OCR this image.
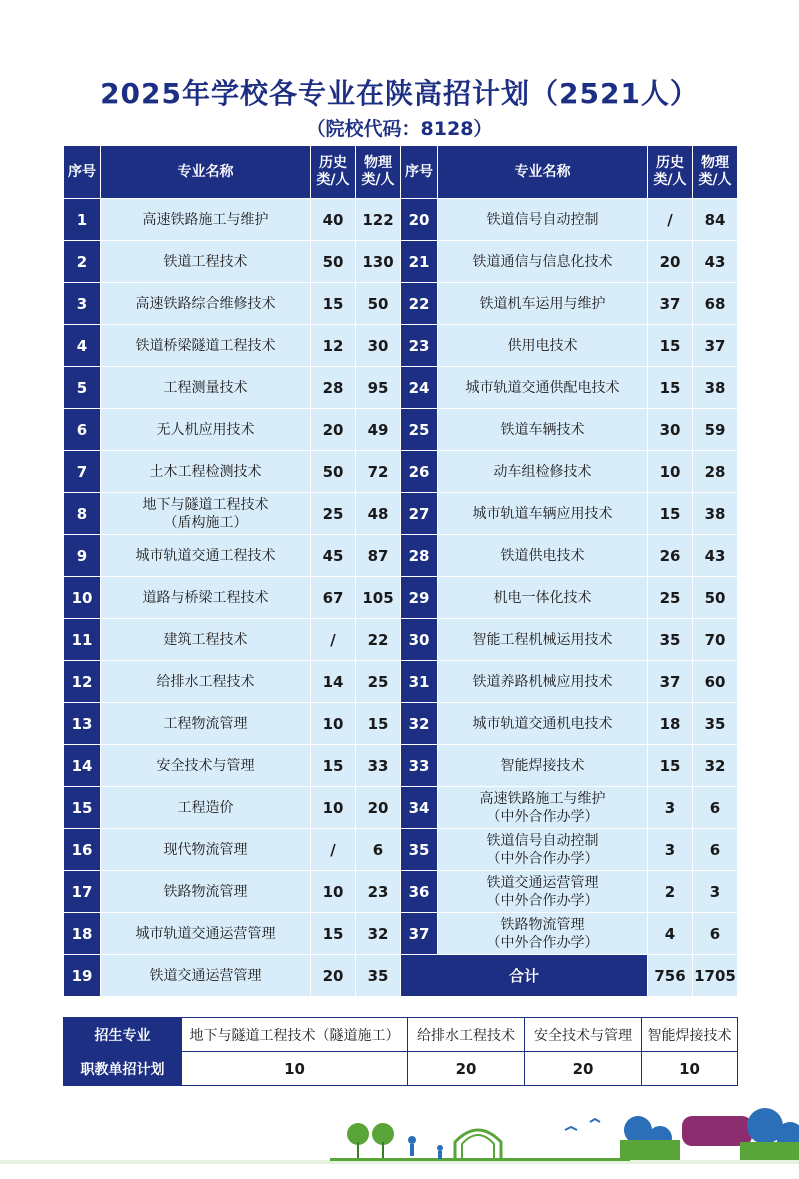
2025年学校各专业在陕高招计划（2521人）
（院校代码：8128）
序号	专业名称	历史类/人	物理类/人	序号	专业名称	历史类/人	物理类/人
1	高速铁路施工与维护	40	122	20	铁道信号自动控制	/	84
2	铁道工程技术	50	130	21	铁道通信与信息化技术	20	43
3	高速铁路综合维修技术	15	50	22	铁道机车运用与维护	37	68
4	铁道桥梁隧道工程技术	12	30	23	供用电技术	15	37
5	工程测量技术	28	95	24	城市轨道交通供配电技术	15	38
6	无人机应用技术	20	49	25	铁道车辆技术	30	59
7	土木工程检测技术	50	72	26	动车组检修技术	10	28
8	地下与隧道工程技术
（盾构施工）	25	48	27	城市轨道车辆应用技术	15	38
9	城市轨道交通工程技术	45	87	28	铁道供电技术	26	43
10	道路与桥梁工程技术	67	105	29	机电一体化技术	25	50
11	建筑工程技术	/	22	30	智能工程机械运用技术	35	70
12	给排水工程技术	14	25	31	铁道养路机械应用技术	37	60
13	工程物流管理	10	15	32	城市轨道交通机电技术	18	35
14	安全技术与管理	15	33	33	智能焊接技术	15	32
15	工程造价	10	20	34	高速铁路施工与维护
（中外合作办学）	3	6
16	现代物流管理	/	6	35	铁道信号自动控制
（中外合作办学）	3	6
17	铁路物流管理	10	23	36	铁道交通运营管理
（中外合作办学）	2	3
18	城市轨道交通运营管理	15	32	37	铁路物流管理
（中外合作办学）	4	6
19	铁道交通运营管理	20	35	合计		756	1705
招生专业	地下与隧道工程技术（隧道施工）	给排水工程技术	安全技术与管理	智能焊接技术
职教单招计划	10	20	20	10
